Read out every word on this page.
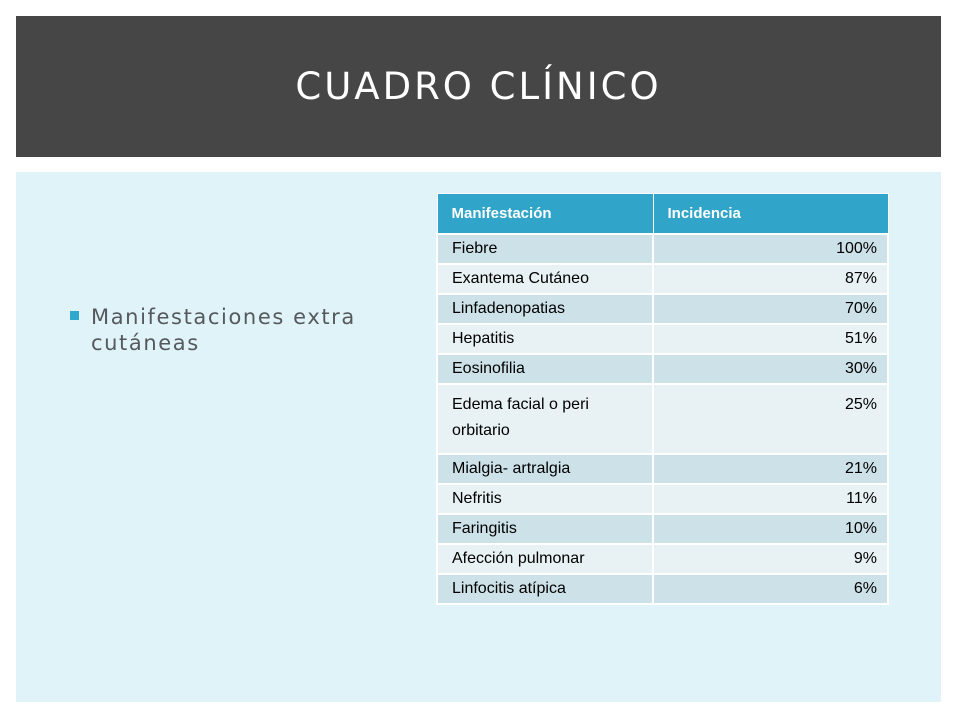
CUADRO CLÍNICO
Manifestaciones extra cutáneas
Manifestación	Incidencia
Fiebre	100%
Exantema Cutáneo	87%
Linfadenopatias	70%
Hepatitis	51%
Eosinofilia	30%
Edema facial o peri orbitario	25%
Mialgia- artralgia	21%
Nefritis	11%
Faringitis	10%
Afección pulmonar	9%
Linfocitis atípica	6%
